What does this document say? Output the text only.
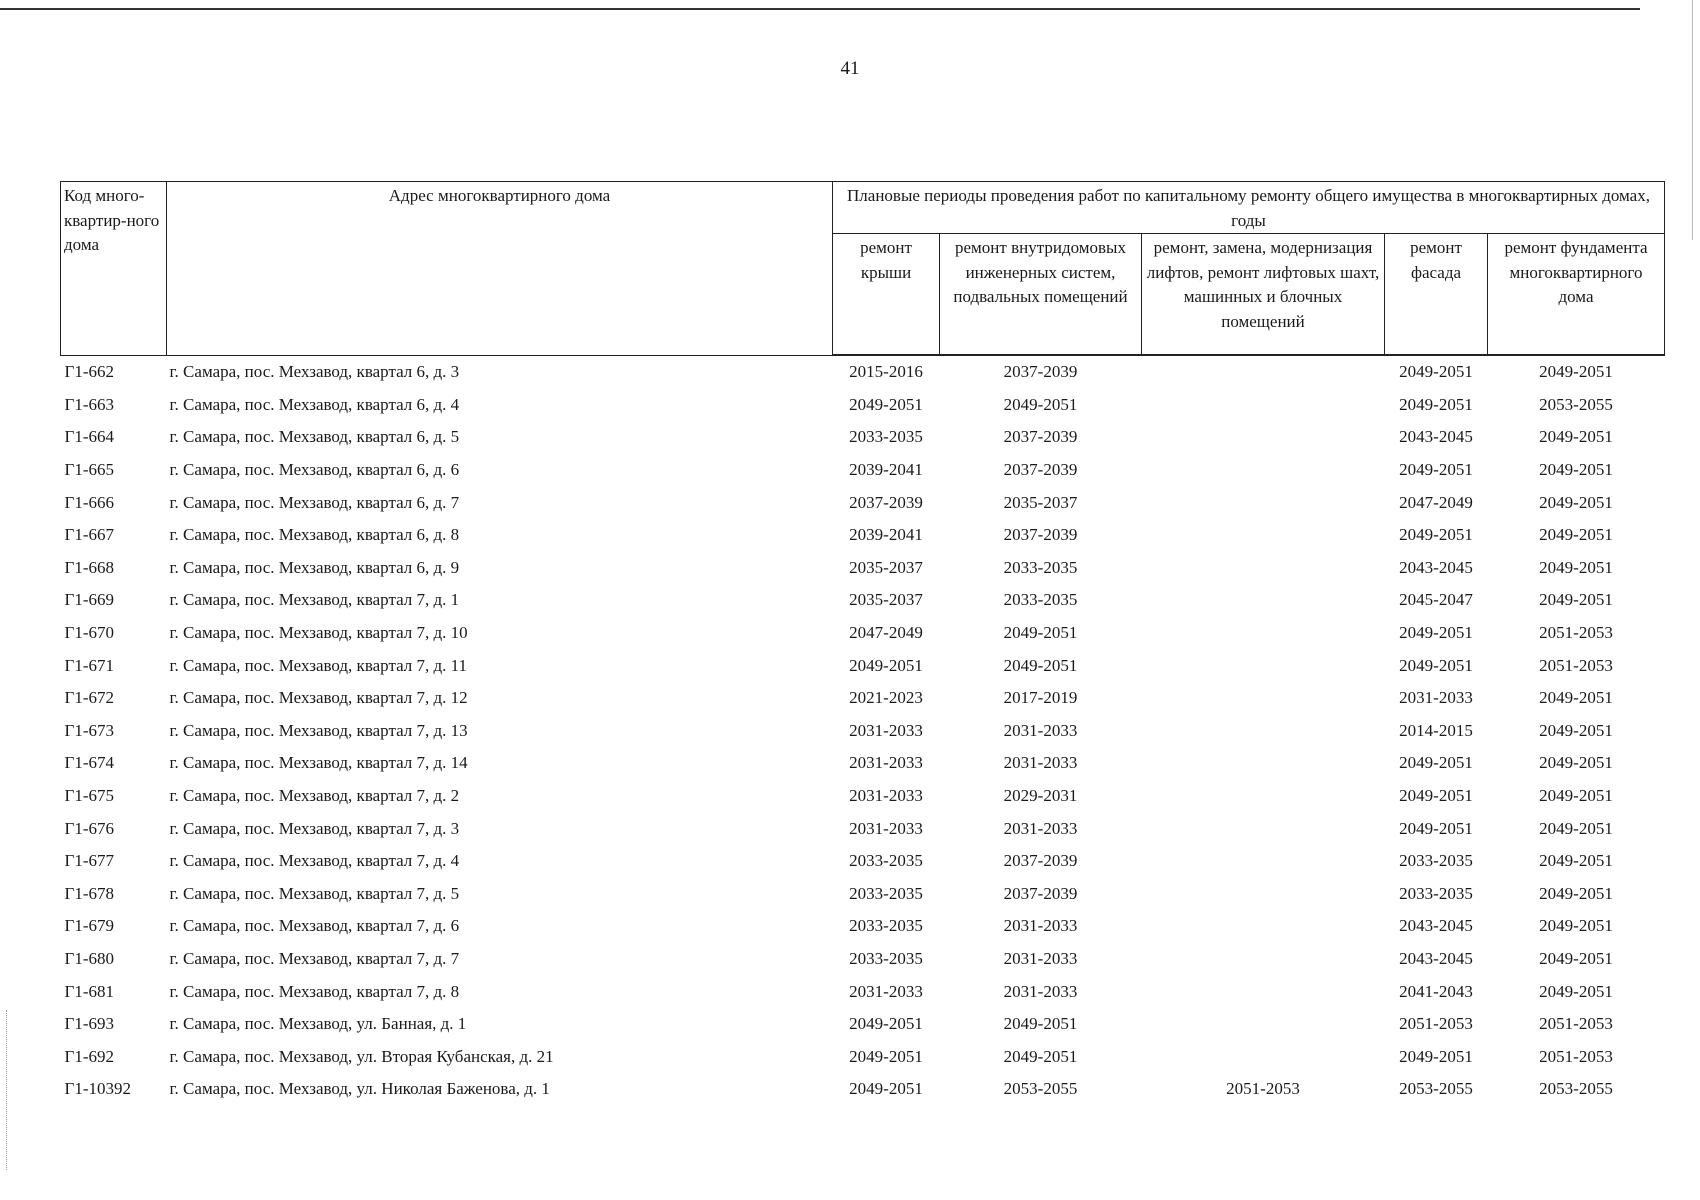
41
Код много-квартир-ного дома	Адрес многоквартирного дома	Плановые периоды проведения работ по капитальному ремонту общего имущества в многоквартирных домах, годы				
		ремонт крыши	ремонт внутридомовых инженерных систем, подвальных помещений	ремонт, замена, модернизация лифтов, ремонт лифтовых шахт, машинных и блочных помещений	ремонт фасада	ремонт фундамента многоквартирного дома
Г1-662	г. Самара, пос. Мехзавод, квартал 6, д. 3	2015-2016	2037-2039		2049-2051	2049-2051
Г1-663	г. Самара, пос. Мехзавод, квартал 6, д. 4	2049-2051	2049-2051		2049-2051	2053-2055
Г1-664	г. Самара, пос. Мехзавод, квартал 6, д. 5	2033-2035	2037-2039		2043-2045	2049-2051
Г1-665	г. Самара, пос. Мехзавод, квартал 6, д. 6	2039-2041	2037-2039		2049-2051	2049-2051
Г1-666	г. Самара, пос. Мехзавод, квартал 6, д. 7	2037-2039	2035-2037		2047-2049	2049-2051
Г1-667	г. Самара, пос. Мехзавод, квартал 6, д. 8	2039-2041	2037-2039		2049-2051	2049-2051
Г1-668	г. Самара, пос. Мехзавод, квартал 6, д. 9	2035-2037	2033-2035		2043-2045	2049-2051
Г1-669	г. Самара, пос. Мехзавод, квартал 7, д. 1	2035-2037	2033-2035		2045-2047	2049-2051
Г1-670	г. Самара, пос. Мехзавод, квартал 7, д. 10	2047-2049	2049-2051		2049-2051	2051-2053
Г1-671	г. Самара, пос. Мехзавод, квартал 7, д. 11	2049-2051	2049-2051		2049-2051	2051-2053
Г1-672	г. Самара, пос. Мехзавод, квартал 7, д. 12	2021-2023	2017-2019		2031-2033	2049-2051
Г1-673	г. Самара, пос. Мехзавод, квартал 7, д. 13	2031-2033	2031-2033		2014-2015	2049-2051
Г1-674	г. Самара, пос. Мехзавод, квартал 7, д. 14	2031-2033	2031-2033		2049-2051	2049-2051
Г1-675	г. Самара, пос. Мехзавод, квартал 7, д. 2	2031-2033	2029-2031		2049-2051	2049-2051
Г1-676	г. Самара, пос. Мехзавод, квартал 7, д. 3	2031-2033	2031-2033		2049-2051	2049-2051
Г1-677	г. Самара, пос. Мехзавод, квартал 7, д. 4	2033-2035	2037-2039		2033-2035	2049-2051
Г1-678	г. Самара, пос. Мехзавод, квартал 7, д. 5	2033-2035	2037-2039		2033-2035	2049-2051
Г1-679	г. Самара, пос. Мехзавод, квартал 7, д. 6	2033-2035	2031-2033		2043-2045	2049-2051
Г1-680	г. Самара, пос. Мехзавод, квартал 7, д. 7	2033-2035	2031-2033		2043-2045	2049-2051
Г1-681	г. Самара, пос. Мехзавод, квартал 7, д. 8	2031-2033	2031-2033		2041-2043	2049-2051
Г1-693	г. Самара, пос. Мехзавод, ул. Банная, д. 1	2049-2051	2049-2051		2051-2053	2051-2053
Г1-692	г. Самара, пос. Мехзавод, ул. Вторая Кубанская, д. 21	2049-2051	2049-2051		2049-2051	2051-2053
Г1-10392	г. Самара, пос. Мехзавод, ул. Николая Баженова, д. 1	2049-2051	2053-2055	2051-2053	2053-2055	2053-2055
